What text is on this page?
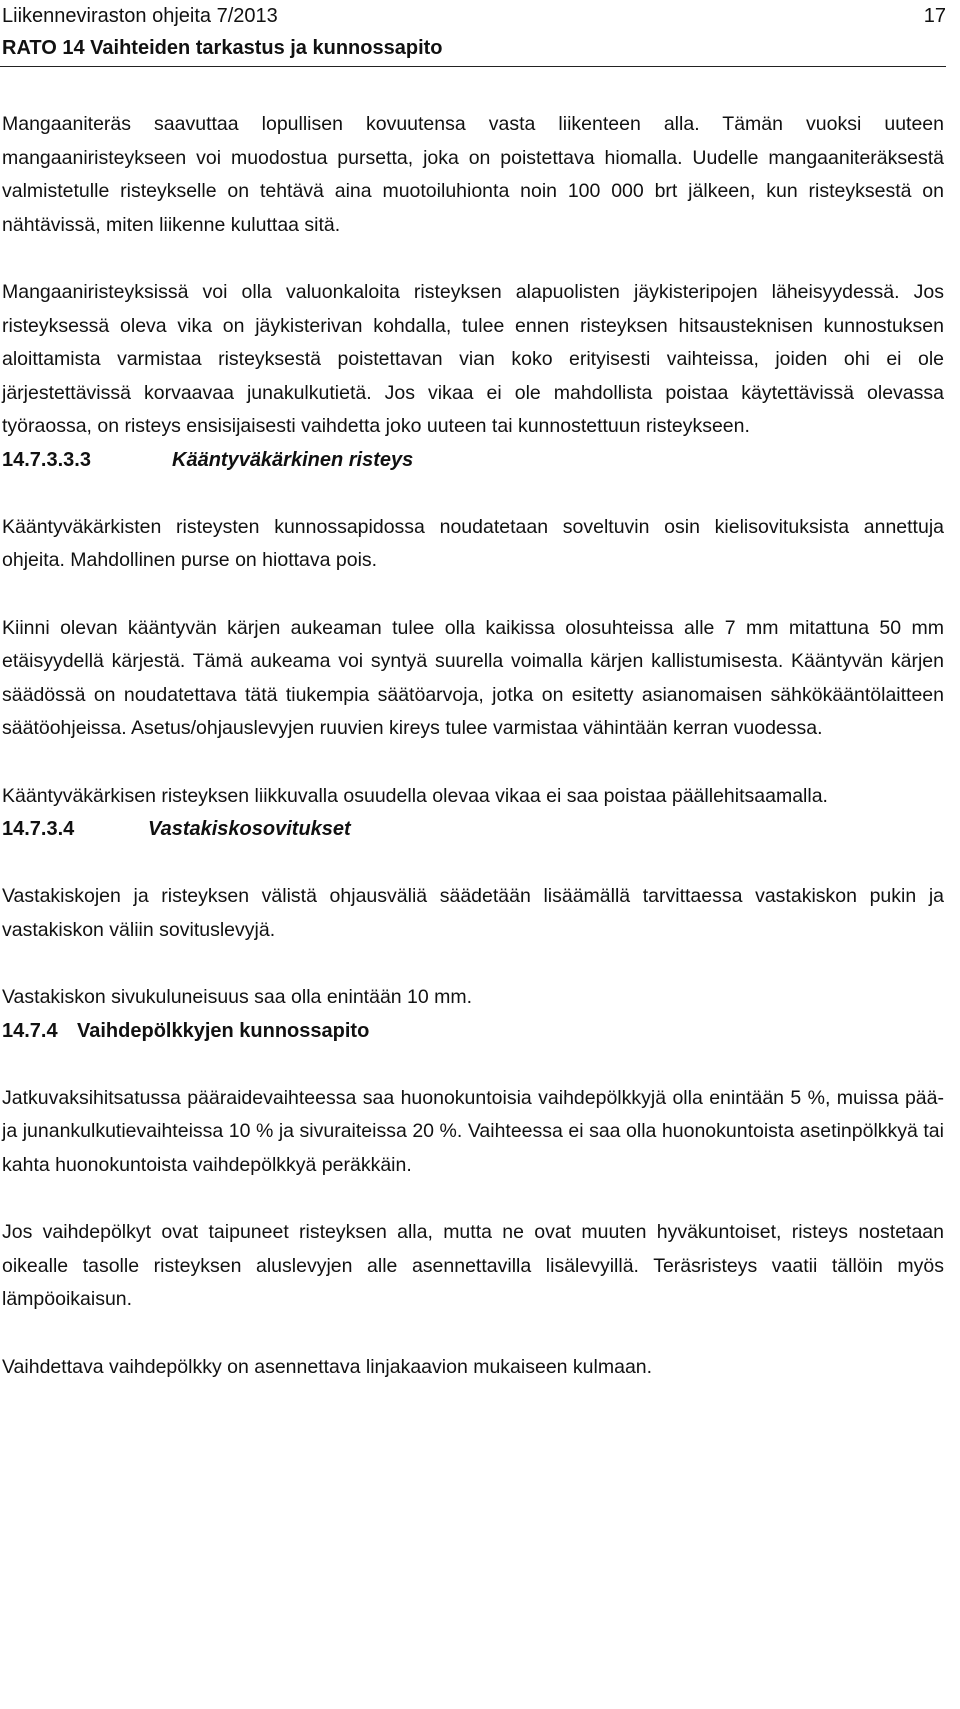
Liikenneviraston ohjeita 7/2013	17
RATO 14 Vaihteiden tarkastus ja kunnossapito

Mangaaniteräs saavuttaa lopullisen kovuutensa vasta liikenteen alla. Tämän vuoksi uuteen mangaaniristeykseen voi muodostua pursetta, joka on poistettava hiomalla. Uudelle mangaaniteräksestä valmistetulle risteykselle on tehtävä aina muotoiluhionta noin 100 000 brt jälkeen, kun risteyksestä on nähtävissä, miten liikenne kuluttaa sitä.

Mangaaniristeyksissä voi olla valuonkaloita risteyksen alapuolisten jäykisteripojen läheisyydessä. Jos risteyksessä oleva vika on jäykisterivan kohdalla, tulee ennen risteyksen hitsausteknisen kunnostuksen aloittamista varmistaa risteyksestä poistettavan vian koko erityisesti vaihteissa, joiden ohi ei ole järjestettävissä korvaavaa junakulkutietä. Jos vikaa ei ole mahdollista poistaa käytettävissä olevassa työraossa, on risteys ensisijaisesti vaihdetta joko uuteen tai kunnostettuun risteykseen.

14.7.3.3.3	Kääntyväkärkinen risteys

Kääntyväkärkisten risteysten kunnossapidossa noudatetaan soveltuvin osin kielisovituksista annettuja ohjeita. Mahdollinen purse on hiottava pois.

Kiinni olevan kääntyvän kärjen aukeaman tulee olla kaikissa olosuhteissa alle 7 mm mitattuna 50 mm etäisyydellä kärjestä. Tämä aukeama voi syntyä suurella voimalla kärjen kallistumisesta. Kääntyvän kärjen säädössä on noudatettava tätä tiukempia säätöarvoja, jotka on esitetty asianomaisen sähkökääntölaitteen säätöohjeissa. Asetus/ohjauslevyjen ruuvien kireys tulee varmistaa vähintään kerran vuodessa.

Kääntyväkärkisen risteyksen liikkuvalla osuudella olevaa vikaa ei saa poistaa päällehitsaamalla.

14.7.3.4	Vastakiskosovitukset

Vastakiskojen ja risteyksen välistä ohjausväliä säädetään lisäämällä tarvittaessa vastakiskon pukin ja vastakiskon väliin sovituslevyjä.

Vastakiskon sivukuluneisuus saa olla enintään 10 mm.

14.7.4 Vaihdepölkkyjen kunnossapito

Jatkuvaksihitsatussa pääraidevaihteessa saa huonokuntoisia vaihdepölkkyjä olla enintään 5 %, muissa pää- ja junankulkutievaihteissa 10 % ja sivuraiteissa 20 %. Vaihteessa ei saa olla huonokuntoista asetinpölkkyä tai kahta huonokuntoista vaihdepölkkyä peräkkäin.

Jos vaihdepölkyt ovat taipuneet risteyksen alla, mutta ne ovat muuten hyväkuntoiset, risteys nostetaan oikealle tasolle risteyksen aluslevyjen alle asennettavilla lisälevyillä. Teräsristeys vaatii tällöin myös lämpöoikaisun.

Vaihdettava vaihdepölkky on asennettava linjakaavion mukaiseen kulmaan.
